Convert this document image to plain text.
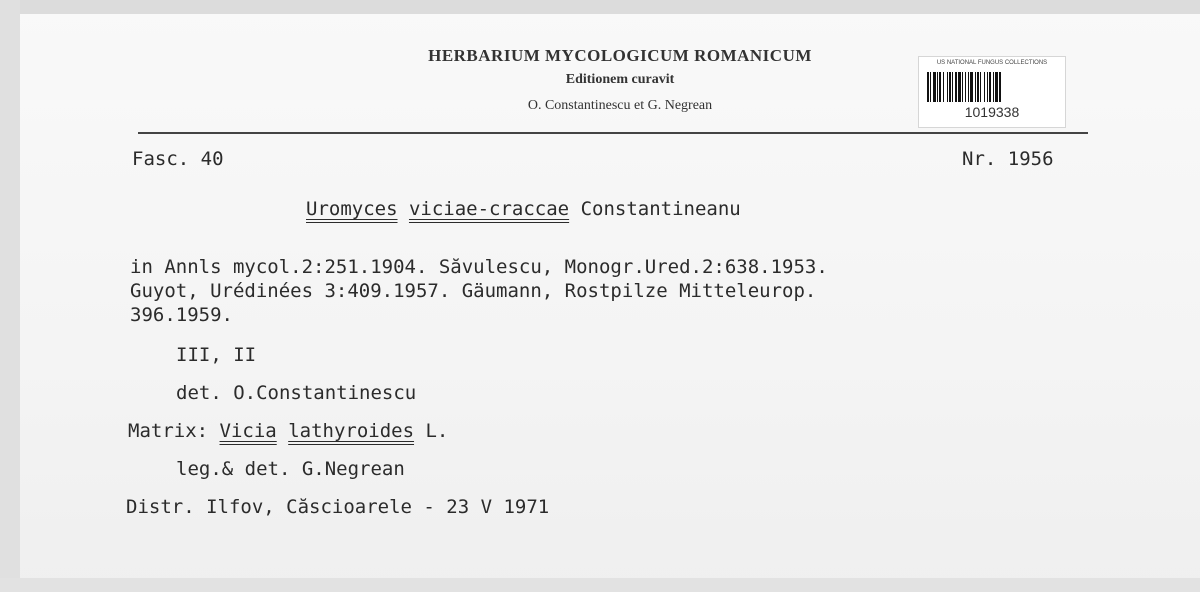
HERBARIUM MYCOLOGICUM ROMANICUM
Editionem curavit
O. Constantinescu et G. Negrean
US NATIONAL FUNGUS COLLECTIONS
1019338
Fasc. 40	Nr. 1956
Uromyces viciae-craccae Constantineanu
in Annls mycol.2:251.1904. Săvulescu, Monogr.Ured.2:638.1953.
Guyot, Urédinées 3:409.1957. Gäumann, Rostpilze Mitteleurop.
396.1959.
III, II
det. O.Constantinescu
Matrix: Vicia lathyroides L.
leg.& det. G.Negrean
Distr. Ilfov, Căscioarele - 23 V 1971
